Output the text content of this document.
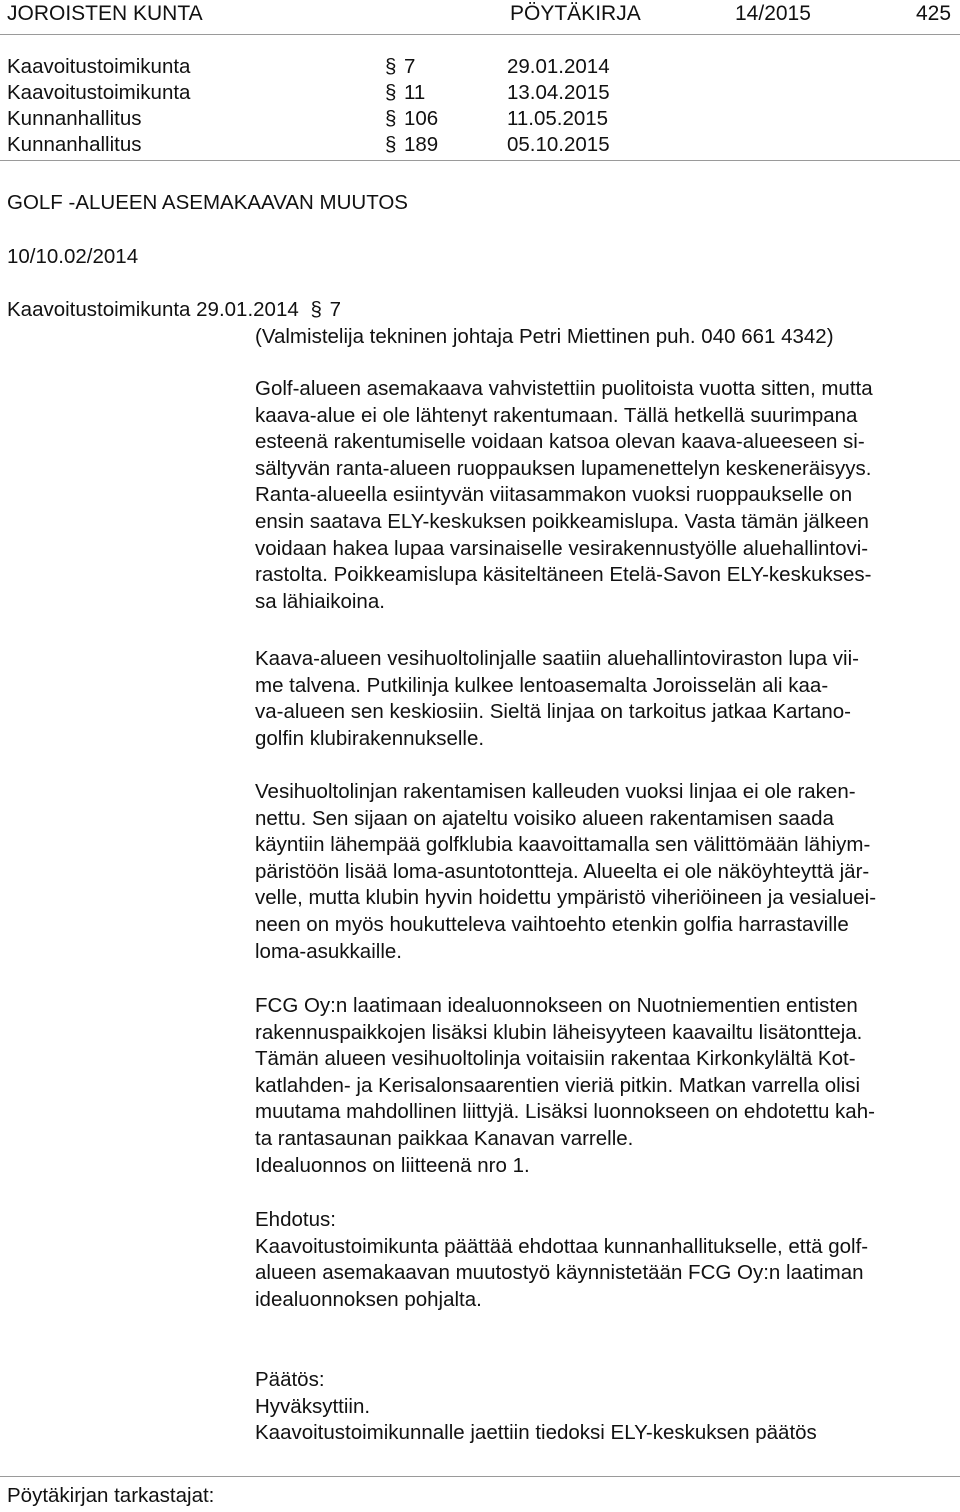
JOROISTEN KUNTA	PÖYTÄKIRJA	14/2015	425
Kaavoitustoimikunta	§ 7	29.01.2014
Kaavoitustoimikunta	§ 11	13.04.2015
Kunnanhallitus	§ 106	11.05.2015
Kunnanhallitus	§ 189	05.10.2015
GOLF -ALUEEN ASEMAKAAVAN MUUTOS
10/10.02/2014
Kaavoitustoimikunta 29.01.2014 § 7
(Valmistelija tekninen johtaja Petri Miettinen puh. 040 661 4342)
Golf-alueen asemakaava vahvistettiin puolitoista vuotta sitten, mutta
kaava-alue ei ole lähtenyt rakentumaan. Tällä hetkellä suurimpana
esteenä rakentumiselle voidaan katsoa olevan kaava-alueeseen si-
sältyvän ranta-alueen ruoppauksen lupamenettelyn keskeneräisyys.
Ranta-alueella esiintyvän viitasammakon vuoksi ruoppaukselle on
ensin saatava ELY-keskuksen poikkeamislupa. Vasta tämän jälkeen
voidaan hakea lupaa varsinaiselle vesirakennustyölle aluehallintovi-
rastolta. Poikkeamislupa käsiteltäneen Etelä-Savon ELY-keskukses-
sa lähiaikoina.
Kaava-alueen vesihuoltolinjalle saatiin aluehallintoviraston lupa vii-
me talvena. Putkilinja kulkee lentoasemalta Joroisselän ali kaa-
va-alueen sen keskiosiin. Sieltä linjaa on tarkoitus jatkaa Kartano-
golfin klubirakennukselle.
Vesihuoltolinjan rakentamisen kalleuden vuoksi linjaa ei ole raken-
nettu. Sen sijaan on ajateltu voisiko alueen rakentamisen saada
käyntiin lähempää golfklubia kaavoittamalla sen välittömään lähiym-
päristöön lisää loma-asuntotontteja. Alueelta ei ole näköyhteyttä jär-
velle, mutta klubin hyvin hoidettu ympäristö viheriöineen ja vesialuei-
neen on myös houkutteleva vaihtoehto etenkin golfia harrastaville
loma-asukkaille.
FCG Oy:n laatimaan idealuonnokseen on Nuotniementien entisten
rakennuspaikkojen lisäksi klubin läheisyyteen kaavailtu lisätontteja.
Tämän alueen vesihuoltolinja voitaisiin rakentaa Kirkonkylältä Kot-
katlahden- ja Kerisalonsaarentien vieriä pitkin. Matkan varrella olisi
muutama mahdollinen liittyjä. Lisäksi luonnokseen on ehdotettu kah-
ta rantasaunan paikkaa Kanavan varrelle.
Idealuonnos on liitteenä nro 1.
Ehdotus:
Kaavoitustoimikunta päättää ehdottaa kunnanhallitukselle, että golf-
alueen asemakaavan muutostyö käynnistetään FCG Oy:n laatiman
idealuonnoksen pohjalta.
Päätös:
Hyväksyttiin.
Kaavoitustoimikunnalle jaettiin tiedoksi ELY-keskuksen päätös
Pöytäkirjan tarkastajat:
